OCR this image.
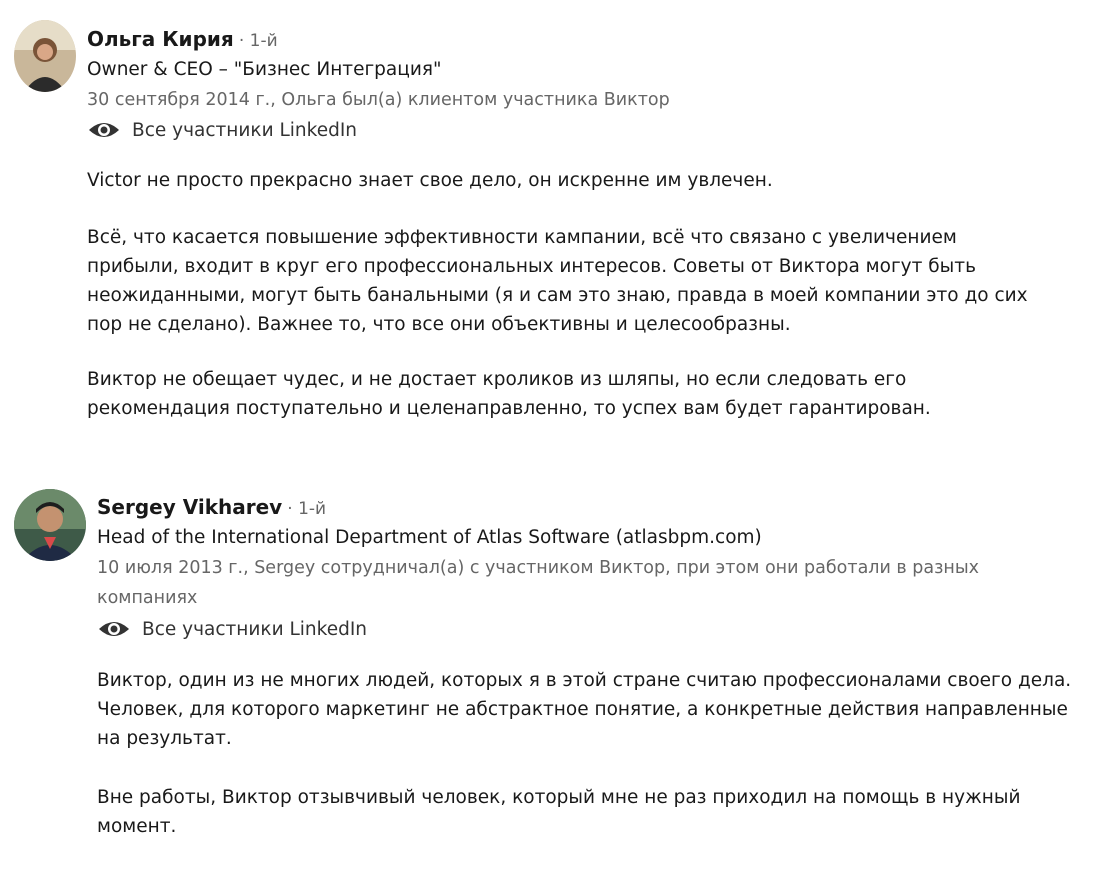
Ольга Кирия · 1-й
Owner & CEO – "Бизнес Интеграция"
30 сентября 2014 г., Ольга был(а) клиентом участника Виктор
Все участники LinkedIn

Victor не просто прекрасно знает свое дело, он искренне им увлечен.

Всё, что касается повышение эффективности кампании, всё что связано с увеличением прибыли, входит в круг его профессиональных интересов. Советы от Виктора могут быть неожиданными, могут быть банальными (я и сам это знаю, правда в моей компании это до сих пор не сделано). Важнее то, что все они объективны и целесообразны.

Виктор не обещает чудес, и не достает кроликов из шляпы, но если следовать его рекомендация поступательно и целенаправленно, то успех вам будет гарантирован.

Sergey Vikharev · 1-й
Head of the International Department of Atlas Software (atlasbpm.com)
10 июля 2013 г., Sergey сотрудничал(а) с участником Виктор, при этом они работали в разных компаниях
Все участники LinkedIn

Виктор, один из не многих людей, которых я в этой стране считаю профессионалами своего дела. Человек, для которого маркетинг не абстрактное понятие, а конкретные действия направленные на результат.

Вне работы, Виктор отзывчивый человек, который мне не раз приходил на помощь в нужный момент.
